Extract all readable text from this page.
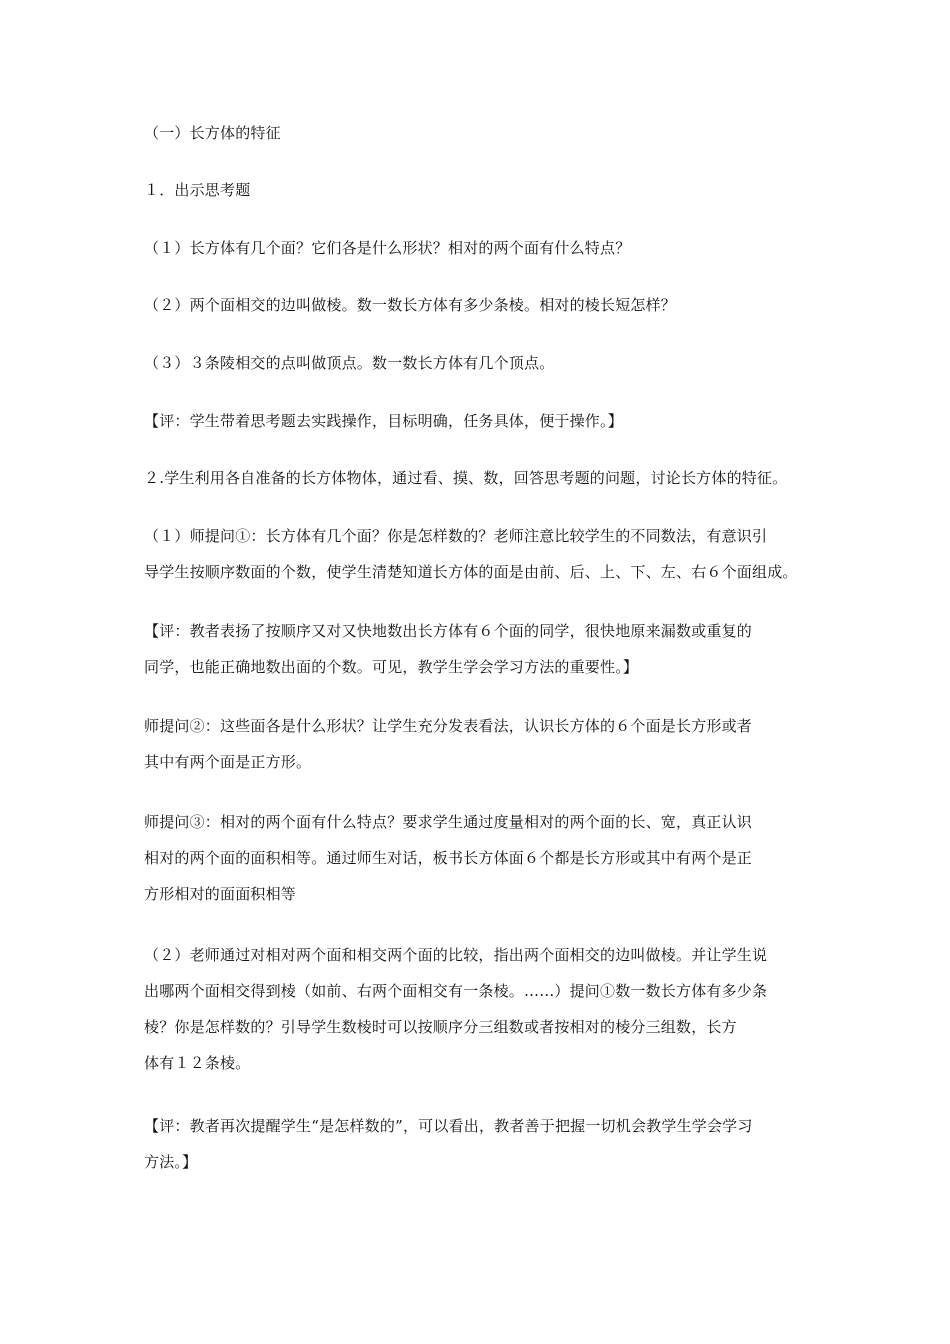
（一）长方体的特征
１．出示思考题
（１）长方体有几个面？它们各是什么形状？相对的两个面有什么特点？
（２）两个面相交的边叫做棱。数一数长方体有多少条棱。相对的棱长短怎样？
（３）３条陵相交的点叫做顶点。数一数长方体有几个顶点。
【评：学生带着思考题去实践操作，目标明确，任务具体，便于操作。】
２.学生利用各自准备的长方体物体，通过看、摸、数，回答思考题的问题，讨论长方体的特征。
（１）师提问①：长方体有几个面？你是怎样数的？老师注意比较学生的不同数法，有意识引
导学生按顺序数面的个数，使学生清楚知道长方体的面是由前、后、上、下、左、右６个面组成。
【评：教者表扬了按顺序又对又快地数出长方体有６个面的同学，很快地原来漏数或重复的
同学，也能正确地数出面的个数。可见，教学生学会学习方法的重要性。】
师提问②：这些面各是什么形状？让学生充分发表看法，认识长方体的６个面是长方形或者
其中有两个面是正方形。
师提问③：相对的两个面有什么特点？要求学生通过度量相对的两个面的长、宽，真正认识
相对的两个面的面积相等。通过师生对话，板书长方体面６个都是长方形或其中有两个是正
方形相对的面面积相等
（２）老师通过对相对两个面和相交两个面的比较，指出两个面相交的边叫做棱。并让学生说
出哪两个面相交得到棱（如前、右两个面相交有一条棱。……）提问①数一数长方体有多少条
棱？你是怎样数的？引导学生数棱时可以按顺序分三组数或者按相对的棱分三组数，长方
体有１２条棱。
【评：教者再次提醒学生“是怎样数的”，可以看出，教者善于把握一切机会教学生学会学习
方法。】
